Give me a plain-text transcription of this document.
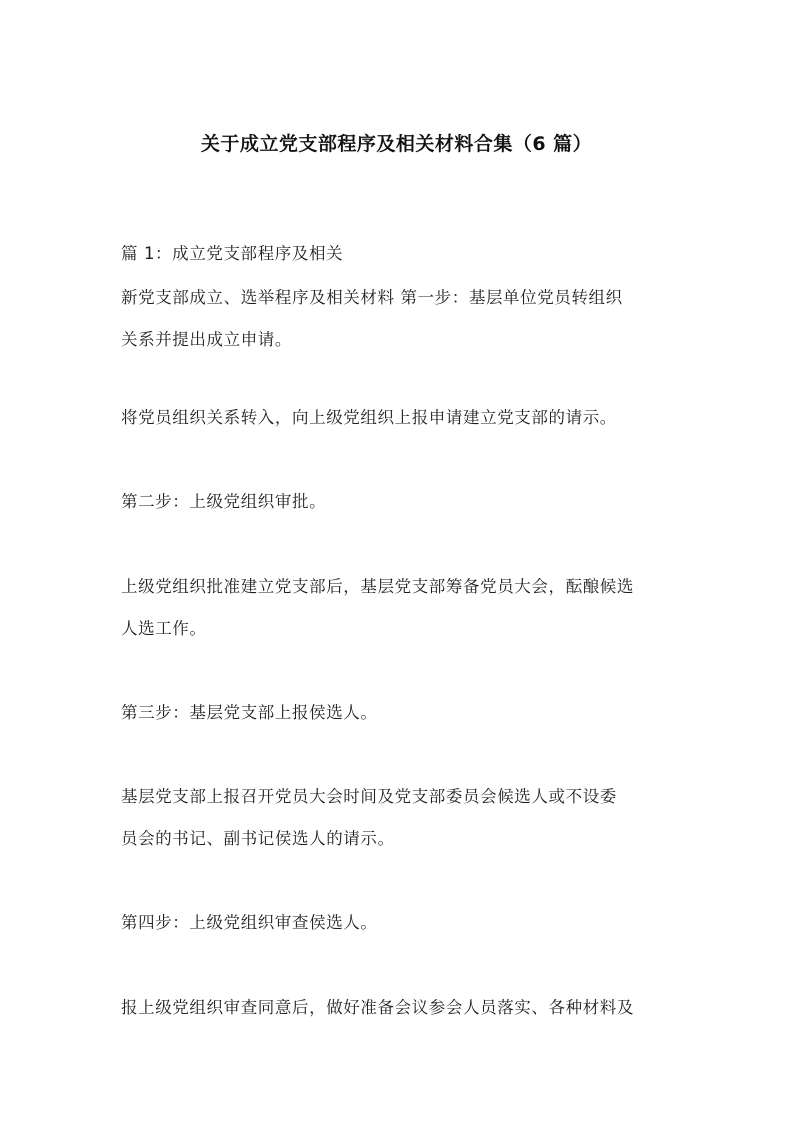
关于成立党支部程序及相关材料合集（6 篇）
篇 1：成立党支部程序及相关
新党支部成立、选举程序及相关材料 第一步：基层单位党员转组织
关系并提出成立申请。
将党员组织关系转入，向上级党组织上报申请建立党支部的请示。
第二步：上级党组织审批。
上级党组织批准建立党支部后，基层党支部筹备党员大会，酝酿候选
人选工作。
第三步：基层党支部上报侯选人。
基层党支部上报召开党员大会时间及党支部委员会候选人或不设委
员会的书记、副书记侯选人的请示。
第四步：上级党组织审查侯选人。
报上级党组织审查同意后，做好准备会议参会人员落实、各种材料及
